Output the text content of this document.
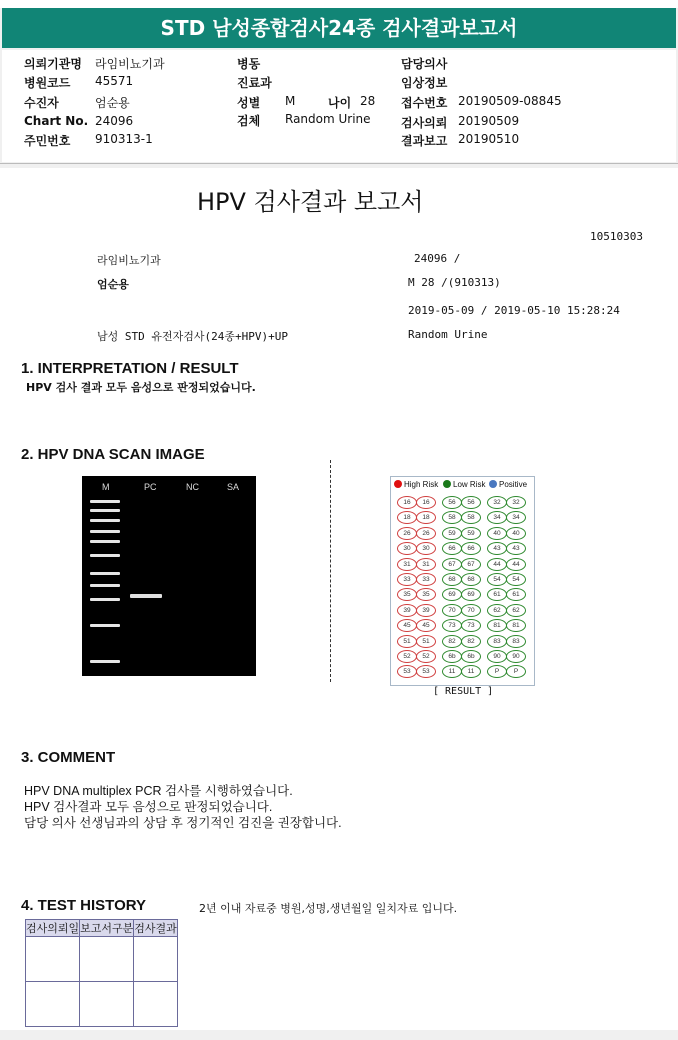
STD 남성종합검사24종 검사결과보고서
의뢰기관명 라임비뇨기과
병원코드 45571
수진자	엄순용
Chart No. 24096
주민번호 910313-1
병동
진료과
성별 M	나이 28
검체 Random Urine
담당의사
임상정보
접수번호 20190509-08845
검사의뢰 20190509
결과보고 20190510
HPV 검사결과 보고서
10510303
라임비뇨기과	24096 /
엄순용	M 28 /(910313)
2019-05-09 / 2019-05-10 15:28:24
남성 STD 유전자검사(24종+HPV)+UP	Random Urine
1. INTERPRETATION / RESULT
HPV 검사 결과 모두 음성으로 판정되었습니다.
2. HPV DNA SCAN IMAGE
M	PC	NC	SA	High Risk	Low Risk	Positive
16	16	56	56	32	32
18	18	58	58	34	34
26	26	59	59	40	40
30	30	66	66	43	43
31	31	67	67	44	44
33	33	68	68	54	54
35	35	69	69	61	61
39	39	70	70	62	62
45	45	73	73	81	81
51	51	82	82	83	83
52	52	6b	6b	90	90
53	53	11	11	P	P
[ RESULT ]
3. COMMENT
HPV DNA multiplex PCR 검사를 시행하였습니다.
HPV 검사결과 모두 음성으로 판정되었습니다.
담당 의사 선생님과의 상담 후 정기적인 검진을 권장합니다.
4. TEST HISTORY	2년 이내 자료중 병원,성명,생년월일 일치자료 입니다.
검사의뢰일	보고서구분	검사결과
